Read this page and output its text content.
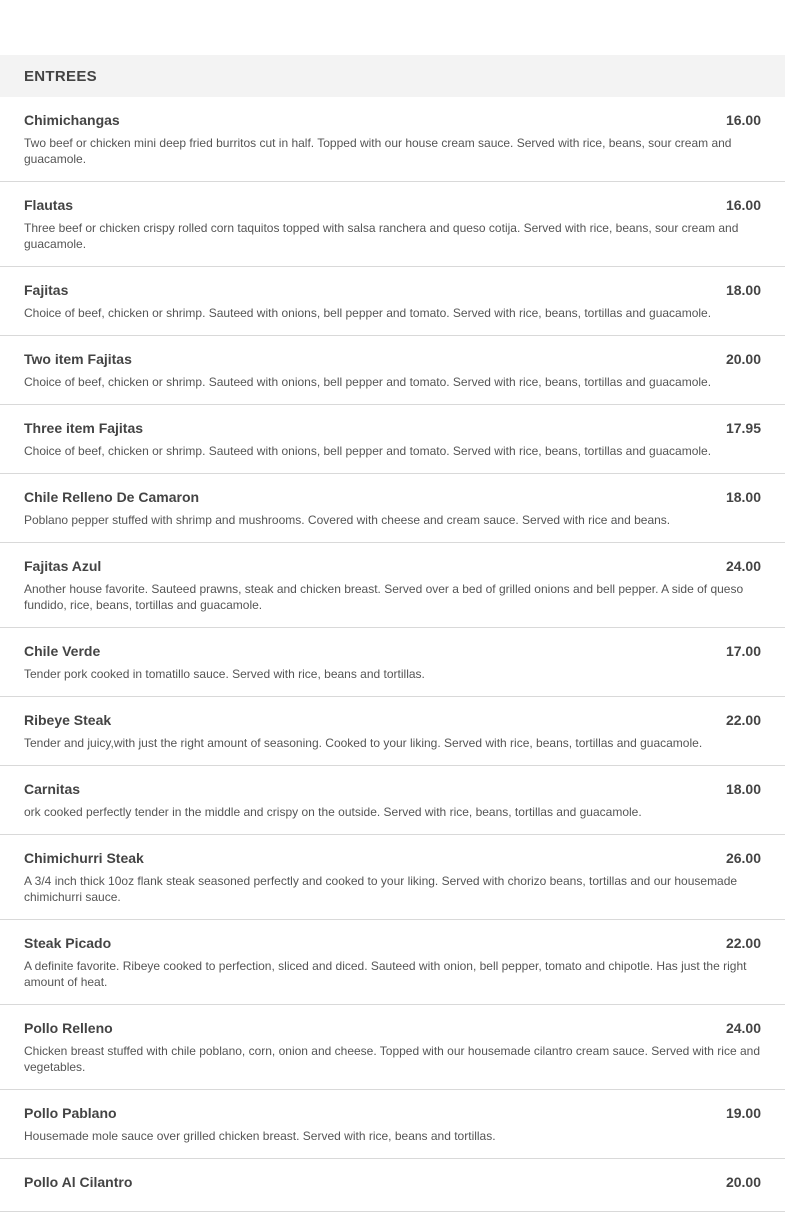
ENTREES
Chimichangas	16.00
Two beef or chicken mini deep fried burritos cut in half. Topped with our house cream sauce. Served with rice, beans, sour cream and guacamole.
Flautas	16.00
Three beef or chicken crispy rolled corn taquitos topped with salsa ranchera and queso cotija. Served with rice, beans, sour cream and guacamole.
Fajitas	18.00
Choice of beef, chicken or shrimp. Sauteed with onions, bell pepper and tomato. Served with rice, beans, tortillas and guacamole.
Two item Fajitas	20.00
Choice of beef, chicken or shrimp. Sauteed with onions, bell pepper and tomato. Served with rice, beans, tortillas and guacamole.
Three item Fajitas	17.95
Choice of beef, chicken or shrimp. Sauteed with onions, bell pepper and tomato. Served with rice, beans, tortillas and guacamole.
Chile Relleno De Camaron	18.00
Poblano pepper stuffed with shrimp and mushrooms. Covered with cheese and cream sauce. Served with rice and beans.
Fajitas Azul	24.00
Another house favorite. Sauteed prawns, steak and chicken breast. Served over a bed of grilled onions and bell pepper. A side of queso fundido, rice, beans, tortillas and guacamole.
Chile Verde	17.00
Tender pork cooked in tomatillo sauce. Served with rice, beans and tortillas.
Ribeye Steak	22.00
Tender and juicy,with just the right amount of seasoning. Cooked to your liking. Served with rice, beans, tortillas and guacamole.
Carnitas	18.00
ork cooked perfectly tender in the middle and crispy on the outside. Served with rice, beans, tortillas and guacamole.
Chimichurri Steak	26.00
A 3/4 inch thick 10oz flank steak seasoned perfectly and cooked to your liking. Served with chorizo beans, tortillas and our housemade chimichurri sauce.
Steak Picado	22.00
A definite favorite. Ribeye cooked to perfection, sliced and diced. Sauteed with onion, bell pepper, tomato and chipotle. Has just the right amount of heat.
Pollo Relleno	24.00
Chicken breast stuffed with chile poblano, corn, onion and cheese. Topped with our housemade cilantro cream sauce. Served with rice and vegetables.
Pollo Pablano	19.00
Housemade mole sauce over grilled chicken breast. Served with rice, beans and tortillas.
Pollo Al Cilantro	20.00
